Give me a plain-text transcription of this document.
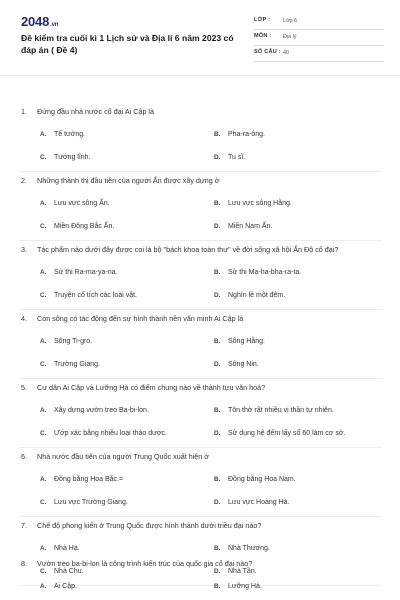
2048.vn
Đề kiểm tra cuối kì 1 Lịch sử và Địa lí 6 năm 2023 có đáp án ( Đề 4)
LỚP : Lớp 6
MÔN : Địa lý
SỐ CÂU : 40
1. Đứng đầu nhà nước cổ đại Ai Cập là
A. Tể tướng.	B. Pha-ra-ông.
C. Tướng lĩnh.	D. Tu sĩ.
2. Những thành thị đầu tiên của người Ấn được xây dựng ở
A. Lưu vực sông Ấn.	B. Lưu vực sông Hằng.
C. Miền Đông Bắc Ấn.	D. Miền Nam Ấn.
3. Tác phẩm nào dưới đây được coi là bộ "bách khoa toàn thư" về đời sống xã hội Ấn Độ cổ đại?
A. Sử thi Ra-ma-ya-na.	B. Sử thi Ma-ha-bha-ra-ta.
C. Truyện cổ tích các loài vật.	D. Nghìn lẻ một đêm.
4. Con sông có tác động đến sự hình thành nền văn minh Ai Cập là
A. Sông Ti-gro.	B. Sông Hằng.
C. Trường Giang.	D. Sông Nin.
5. Cư dân Ai Cập và Lưỡng Hà có điểm chung nào về thành tựu văn hoá?
A. Xây dựng vườn treo Ba-bi-lon.	B. Tôn thờ rất nhiều vị thần tự nhiên.
C. Ướp xác bằng nhiều loại thảo dược.	D. Sử dụng hệ đếm lấy số 60 làm cơ sở.
6. Nhà nước đầu tiên của người Trung Quốc xuất hiện ở
A. Đồng bằng Hoa Bắc.=	B. Đồng bằng Hoa Nam.
C. Lưu vực Trường Giang.	D. Lưu vực Hoàng Hà.
7. Chế độ phong kiến ở Trung Quốc được hình thành dưới triều đại nào?
A. Nhà Hạ.	B. Nhà Thương.
C. Nhà Chu.	D. Nhà Tần.
8. Vườn treo ba-bi-lon là công trình kiến trúc của quốc gia cổ đại nào?
A. Ai Cập.	B. Lưỡng Hà.
